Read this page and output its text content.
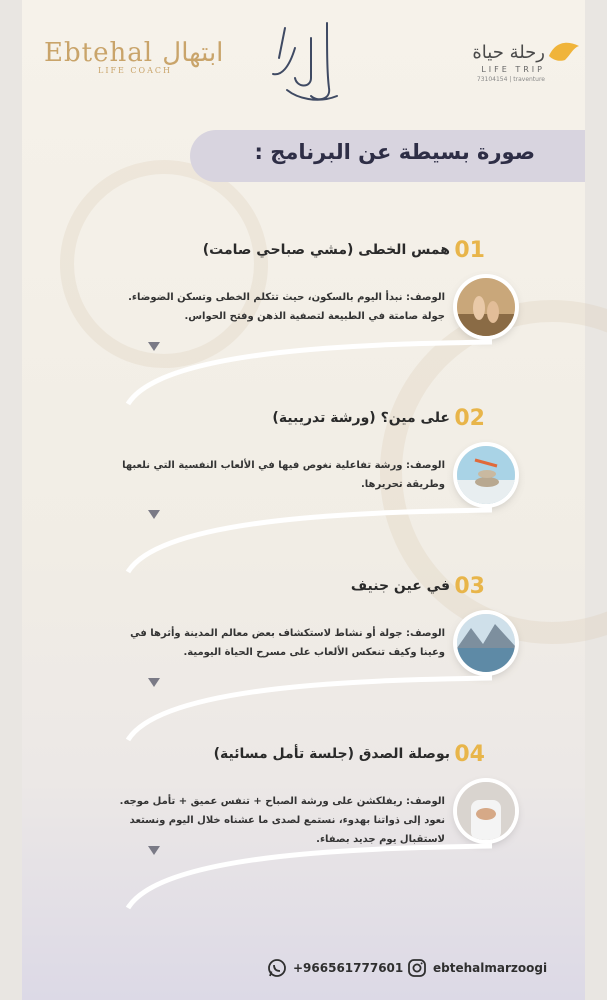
Ebtehal ابتهال
LIFE COACH
رحلة حياة
LIFE TRIP
73104154 | traventure
صورة بسيطة عن البرنامج :
01
همس الخطى (مشي صباحي صامت)
الوصف: نبدأ اليوم بالسكون، حيث تتكلم الخطى وتسكن الضوضاء. جولة صامتة في الطبيعة لتصفية الذهن وفتح الحواس.
02
على مين؟ (ورشة تدريبية)
الوصف: ورشة تفاعلية نغوص فيها في الألعاب النفسية التي نلعبها وطريقة تحريرها.
03
في عين جنيف
الوصف: جولة أو نشاط لاستكشاف بعض معالم المدينة وأثرها في وعينا وكيف تنعكس الألعاب على مسرح الحياة اليومية.
04
بوصلة الصدق (جلسة تأمل مسائية)
الوصف: ريفلكشن على ورشة الصباح + تنفس عميق + تأمل موجه. نعود إلى ذواتنا بهدوء، نستمع لصدى ما عشناه خلال اليوم ونستعد لاستقبال يوم جديد بصفاء.
ebtehalmarzoogi
+966561777601
